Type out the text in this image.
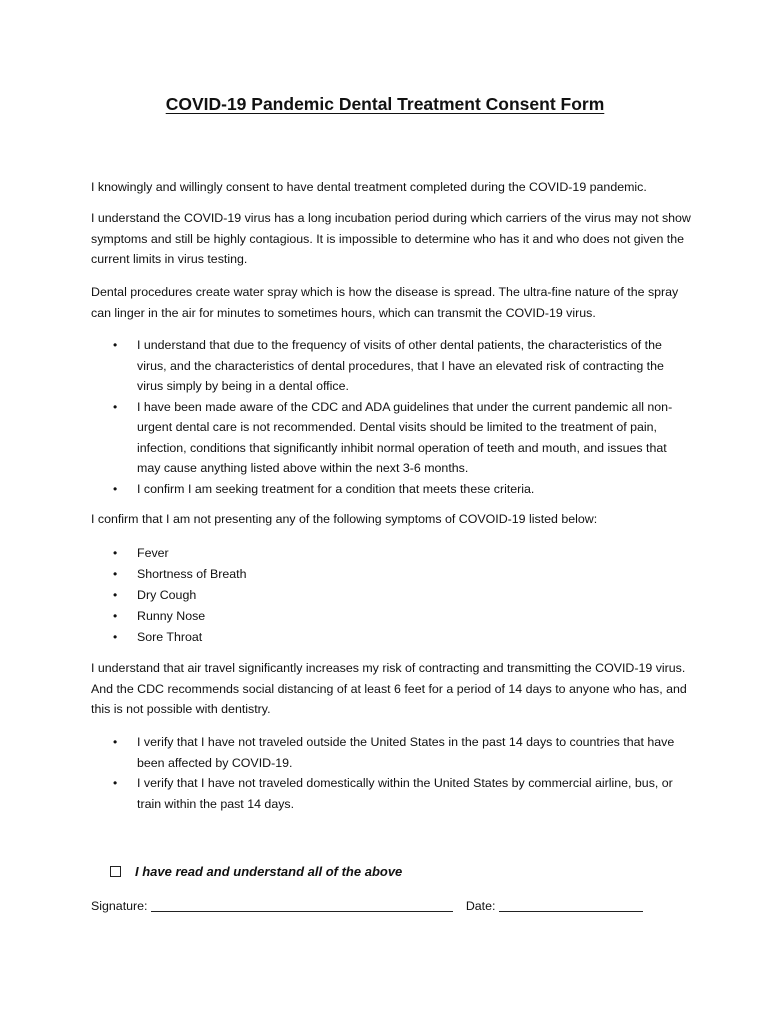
COVID-19 Pandemic Dental Treatment Consent Form
I knowingly and willingly consent to have dental treatment completed during the COVID-19 pandemic.
I understand the COVID-19 virus has a long incubation period during which carriers of the virus may not show symptoms and still be highly contagious. It is impossible to determine who has it and who does not given the current limits in virus testing.
Dental procedures create water spray which is how the disease is spread. The ultra-fine nature of the spray can linger in the air for minutes to sometimes hours, which can transmit the COVID-19 virus.
• I understand that due to the frequency of visits of other dental patients, the characteristics of the virus, and the characteristics of dental procedures, that I have an elevated risk of contracting the virus simply by being in a dental office.
• I have been made aware of the CDC and ADA guidelines that under the current pandemic all non-urgent dental care is not recommended. Dental visits should be limited to the treatment of pain, infection, conditions that significantly inhibit normal operation of teeth and mouth, and issues that may cause anything listed above within the next 3-6 months.
• I confirm I am seeking treatment for a condition that meets these criteria.
I confirm that I am not presenting any of the following symptoms of COVOID-19 listed below:
• Fever
• Shortness of Breath
• Dry Cough
• Runny Nose
• Sore Throat
I understand that air travel significantly increases my risk of contracting and transmitting the COVID-19 virus. And the CDC recommends social distancing of at least 6 feet for a period of 14 days to anyone who has, and this is not possible with dentistry.
• I verify that I have not traveled outside the United States in the past 14 days to countries that have been affected by COVID-19.
• I verify that I have not traveled domestically within the United States by commercial airline, bus, or train within the past 14 days.
I have read and understand all of the above
Signature:	Date:
